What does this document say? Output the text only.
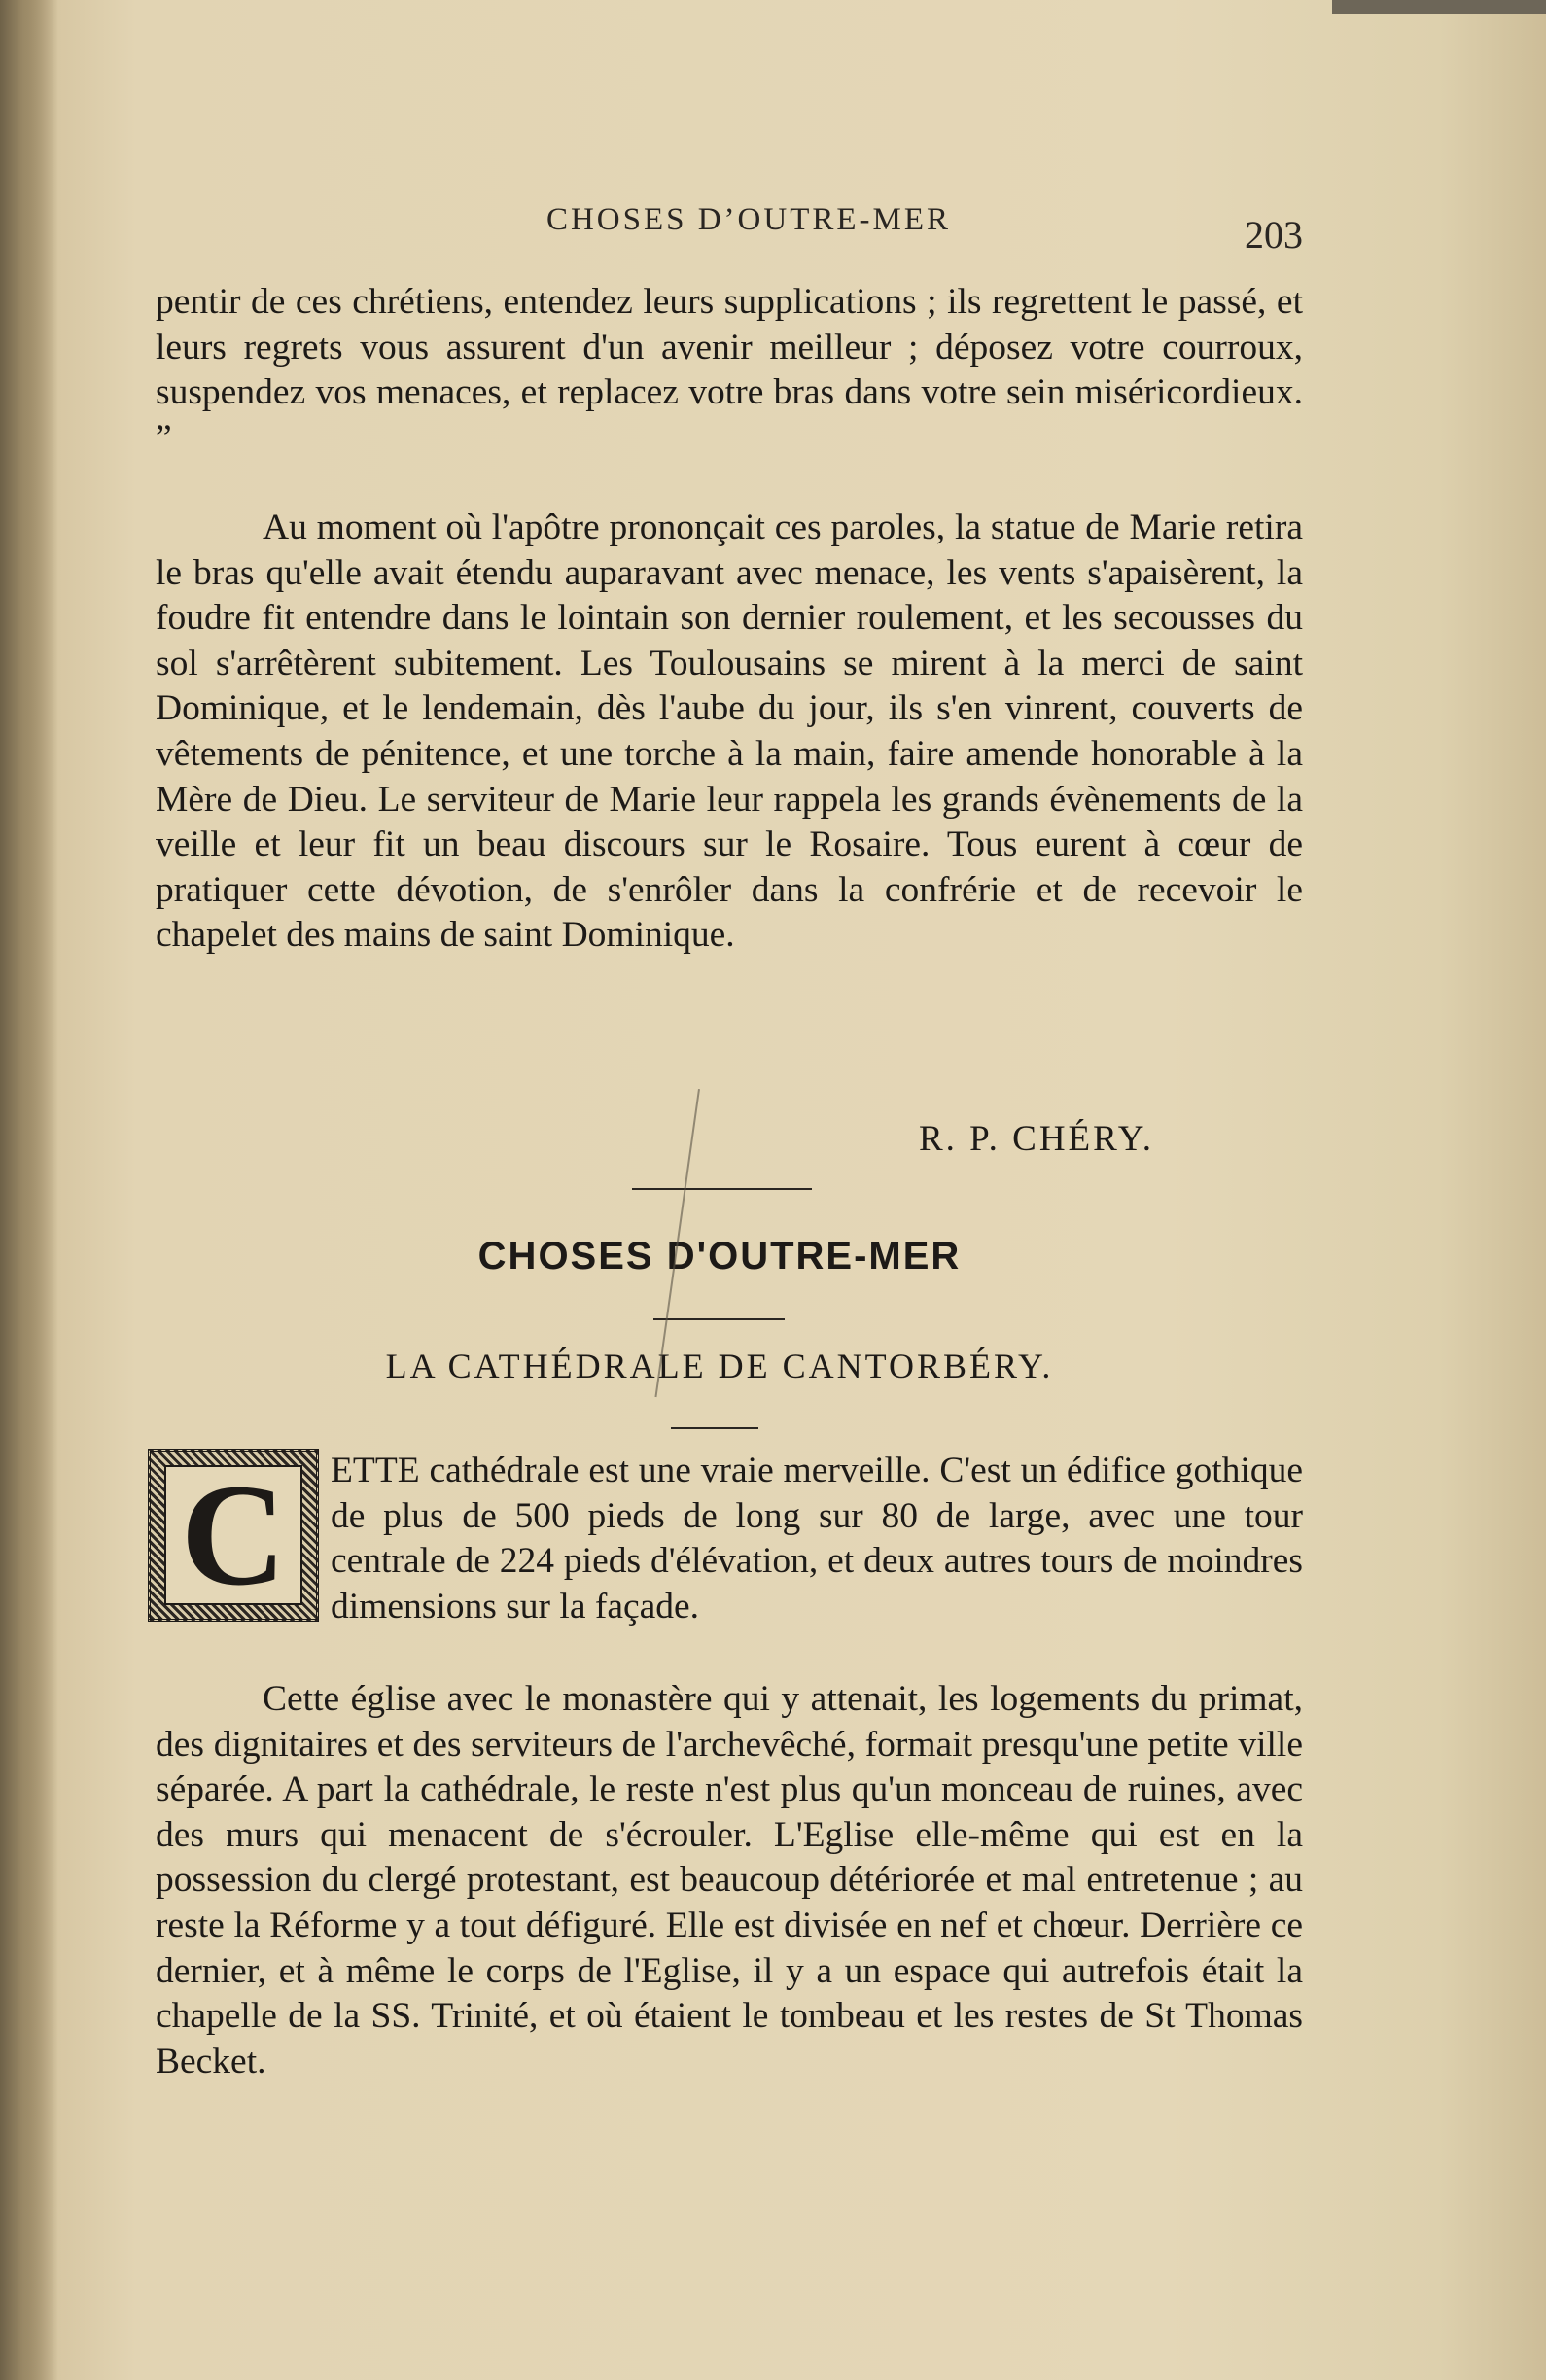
CHOSES D’OUTRE-MER	203

pentir de ces chrétiens, entendez leurs supplications ; ils regrettent le passé, et leurs regrets vous assurent d'un avenir meilleur ; déposez votre courroux, suspendez vos menaces, et replacez votre bras dans votre sein miséricordieux. ”

Au moment où l'apôtre prononçait ces paroles, la statue de Marie retira le bras qu'elle avait étendu auparavant avec menace, les vents s'apaisèrent, la foudre fit entendre dans le lointain son dernier roulement, et les secousses du sol s'arrêtèrent subitement. Les Toulousains se mirent à la merci de saint Dominique, et le lendemain, dès l'aube du jour, ils s'en vinrent, couverts de vêtements de pénitence, et une torche à la main, faire amende honorable à la Mère de Dieu. Le serviteur de Marie leur rappela les grands évènements de la veille et leur fit un beau discours sur le Rosaire. Tous eurent à cœur de pratiquer cette dévotion, de s'enrôler dans la confrérie et de recevoir le chapelet des mains de saint Dominique.

R. P. CHÉRY.
CHOSES D'OUTRE-MER
LA CATHÉDRALE DE CANTORBÉRY.
C ETTE cathédrale est une vraie merveille. C'est un édifice gothique de plus de 500 pieds de long sur 80 de large, avec une tour centrale de 224 pieds d'élévation, et deux autres tours de moindres dimensions sur la façade.

Cette église avec le monastère qui y attenait, les logements du primat, des dignitaires et des serviteurs de l'archevêché, formait presqu'une petite ville séparée. A part la cathédrale, le reste n'est plus qu'un monceau de ruines, avec des murs qui menacent de s'écrouler. L'Eglise elle-même qui est en la possession du clergé protestant, est beaucoup détériorée et mal entretenue ; au reste la Réforme y a tout défiguré. Elle est divisée en nef et chœur. Derrière ce dernier, et à même le corps de l'Eglise, il y a un espace qui autrefois était la chapelle de la SS. Trinité, et où étaient le tombeau et les restes de St Thomas Becket.
